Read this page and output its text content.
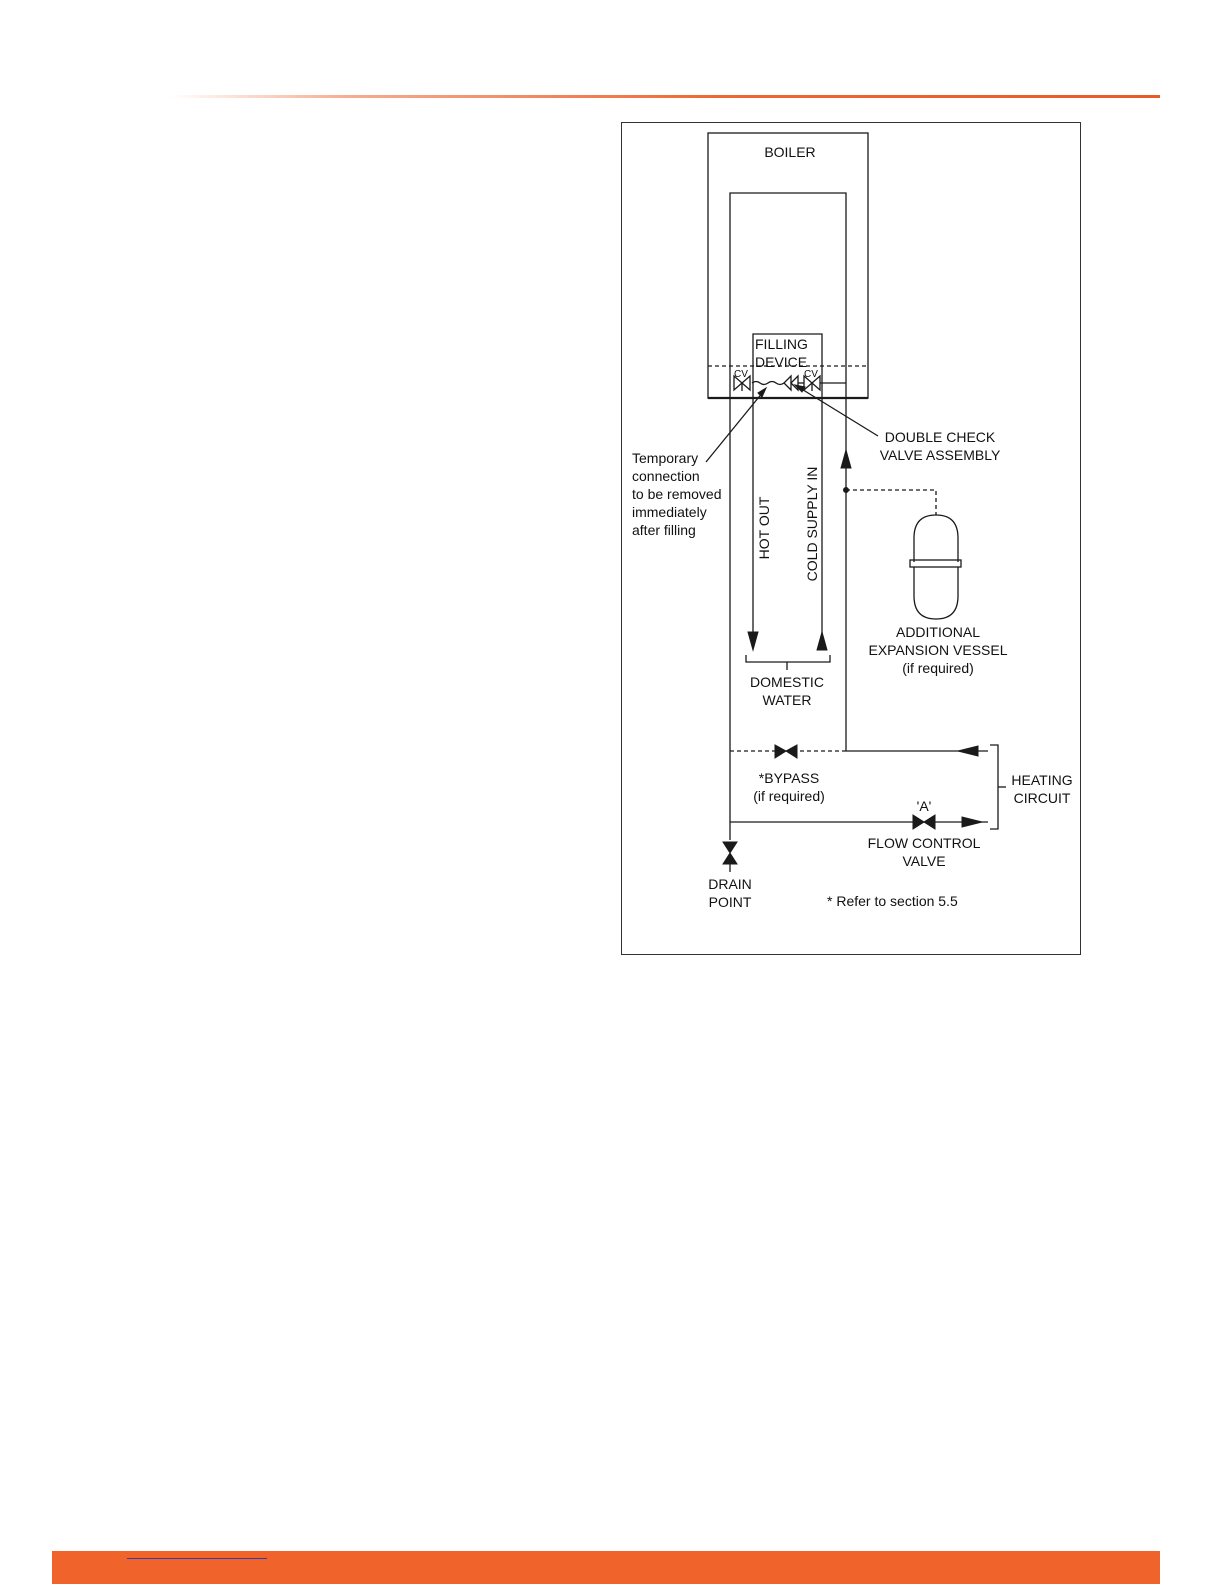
BOILER
FILLING
DEVICE
CV	CV
Temporary
connection
to be removed
immediately
after filling
DOUBLE CHECK
VALVE ASSEMBLY
HOT OUT COLD SUPPLY IN
ADDITIONAL
EXPANSION VESSEL
(if required)
DOMESTIC
WATER
*BYPASS
(if required)
HEATING
CIRCUIT
'A'
FLOW CONTROL
VALVE
DRAIN
POINT	* Refer to section 5.5
